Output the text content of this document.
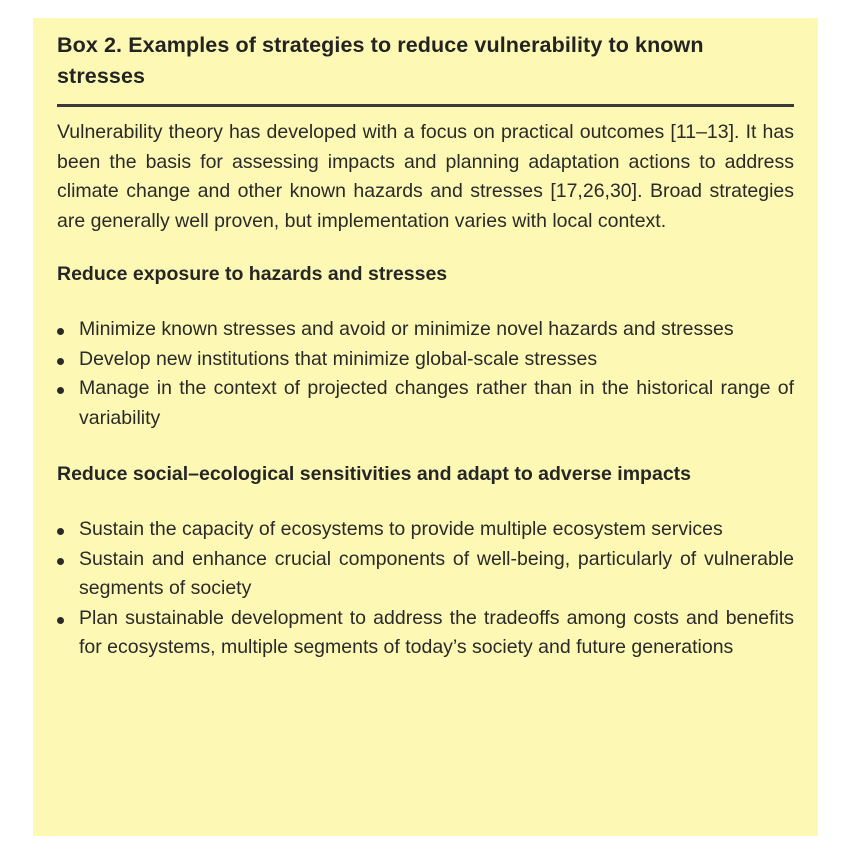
Box 2. Examples of strategies to reduce vulnerability to known stresses

Vulnerability theory has developed with a focus on practical outcomes [11–13]. It has been the basis for assessing impacts and planning adaptation actions to address climate change and other known hazards and stresses [17,26,30]. Broad strategies are generally well proven, but implementation varies with local context.

Reduce exposure to hazards and stresses
Minimize known stresses and avoid or minimize novel hazards and stresses
Develop new institutions that minimize global-scale stresses
Manage in the context of projected changes rather than in the historical range of variability
Reduce social–ecological sensitivities and adapt to adverse impacts
Sustain the capacity of ecosystems to provide multiple ecosystem services
Sustain and enhance crucial components of well-being, particularly of vulnerable segments of society
Plan sustainable development to address the tradeoffs among costs and benefits for ecosystems, multiple segments of today’s society and future generations
